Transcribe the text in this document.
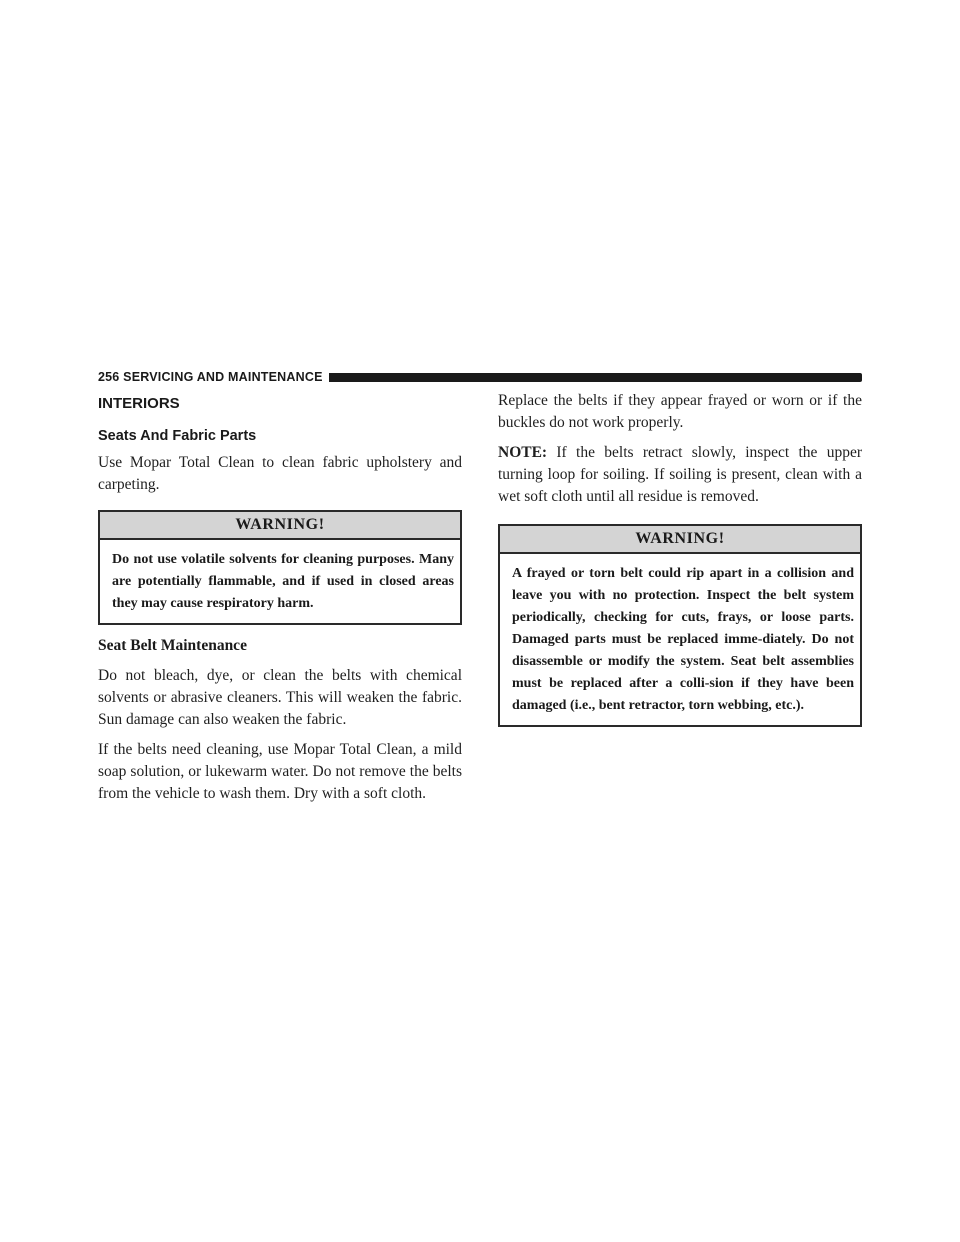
256 SERVICING AND MAINTENANCE
INTERIORS
Seats And Fabric Parts

Use Mopar Total Clean to clean fabric upholstery and carpeting.

WARNING!
Do not use volatile solvents for cleaning purposes. Many are potentially flammable, and if used in closed areas they may cause respiratory harm.
Seat Belt Maintenance

Do not bleach, dye, or clean the belts with chemical solvents or abrasive cleaners. This will weaken the fabric. Sun damage can also weaken the fabric.

If the belts need cleaning, use Mopar Total Clean, a mild soap solution, or lukewarm water. Do not remove the belts from the vehicle to wash them. Dry with a soft cloth.

Replace the belts if they appear frayed or worn or if the buckles do not work properly.

NOTE: If the belts retract slowly, inspect the upper turning loop for soiling. If soiling is present, clean with a wet soft cloth until all residue is removed.

WARNING!
A frayed or torn belt could rip apart in a collision and leave you with no protection. Inspect the belt system periodically, checking for cuts, frays, or loose parts. Damaged parts must be replaced imme-diately. Do not disassemble or modify the system. Seat belt assemblies must be replaced after a colli-sion if they have been damaged (i.e., bent retractor, torn webbing, etc.).
